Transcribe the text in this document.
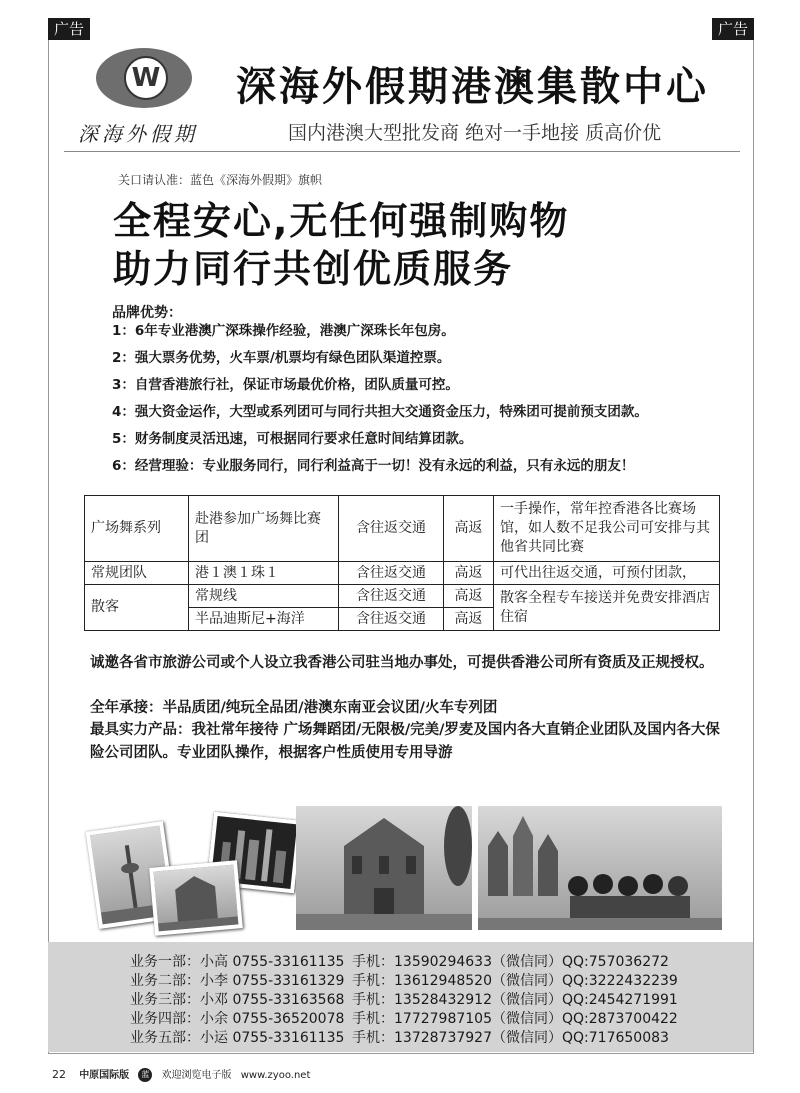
广告	广告
W
深海外假期
深海外假期港澳集散中心
国内港澳大型批发商 绝对一手地接 质高价优
关口请认准：蓝色《深海外假期》旗帜
全程安心,无任何强制购物
助力同行共创优质服务
品牌优势：
1：6年专业港澳广深珠操作经验，港澳广深珠长年包房。
2：强大票务优势，火车票/机票均有绿色团队渠道控票。
3：自营香港旅行社，保证市场最优价格，团队质量可控。
4：强大资金运作，大型或系列团可与同行共担大交通资金压力，特殊团可提前预支团款。
5：财务制度灵活迅速，可根据同行要求任意时间结算团款。
6：经营理验：专业服务同行，同行利益高于一切！没有永远的利益，只有永远的朋友！
广场舞系列	赴港参加广场舞比赛团	含往返交通	高返	一手操作，常年控香港各比赛场馆，如人数不足我公司可安排与其他省共同比赛
常规团队	港１澳１珠１	含往返交通	高返	可代出往返交通，可预付团款，
散客	常规线	含往返交通	高返	散客全程专车接送并免费安排酒店住宿
	半品迪斯尼+海洋	含往返交通	高返	
诚邀各省市旅游公司或个人设立我香港公司驻当地办事处，可提供香港公司所有资质及正规授权。
全年承接：半品质团/纯玩全品团/港澳东南亚会议团/火车专列团
最具实力产品：我社常年接待 广场舞蹈团/无限极/完美/罗麦及国内各大直销企业团队及国内各大保险公司团队。专业团队操作，根据客户性质使用专用导游
业务一部：小高 0755-33161135 手机：13590294633（微信同）QQ:757036272
业务二部：小李 0755-33161329 手机：13612948520（微信同）QQ:3222432239
业务三部：小邓 0755-33163568 手机：13528432912（微信同）QQ:2454271991
业务四部：小余 0755-36520078 手机：17727987105（微信同）QQ:2873700422
业务五部：小运 0755-33161135 手机：13728737927（微信同）QQ:717650083
22 中原国际版 蓝 欢迎浏览电子版 www.zyoo.net
